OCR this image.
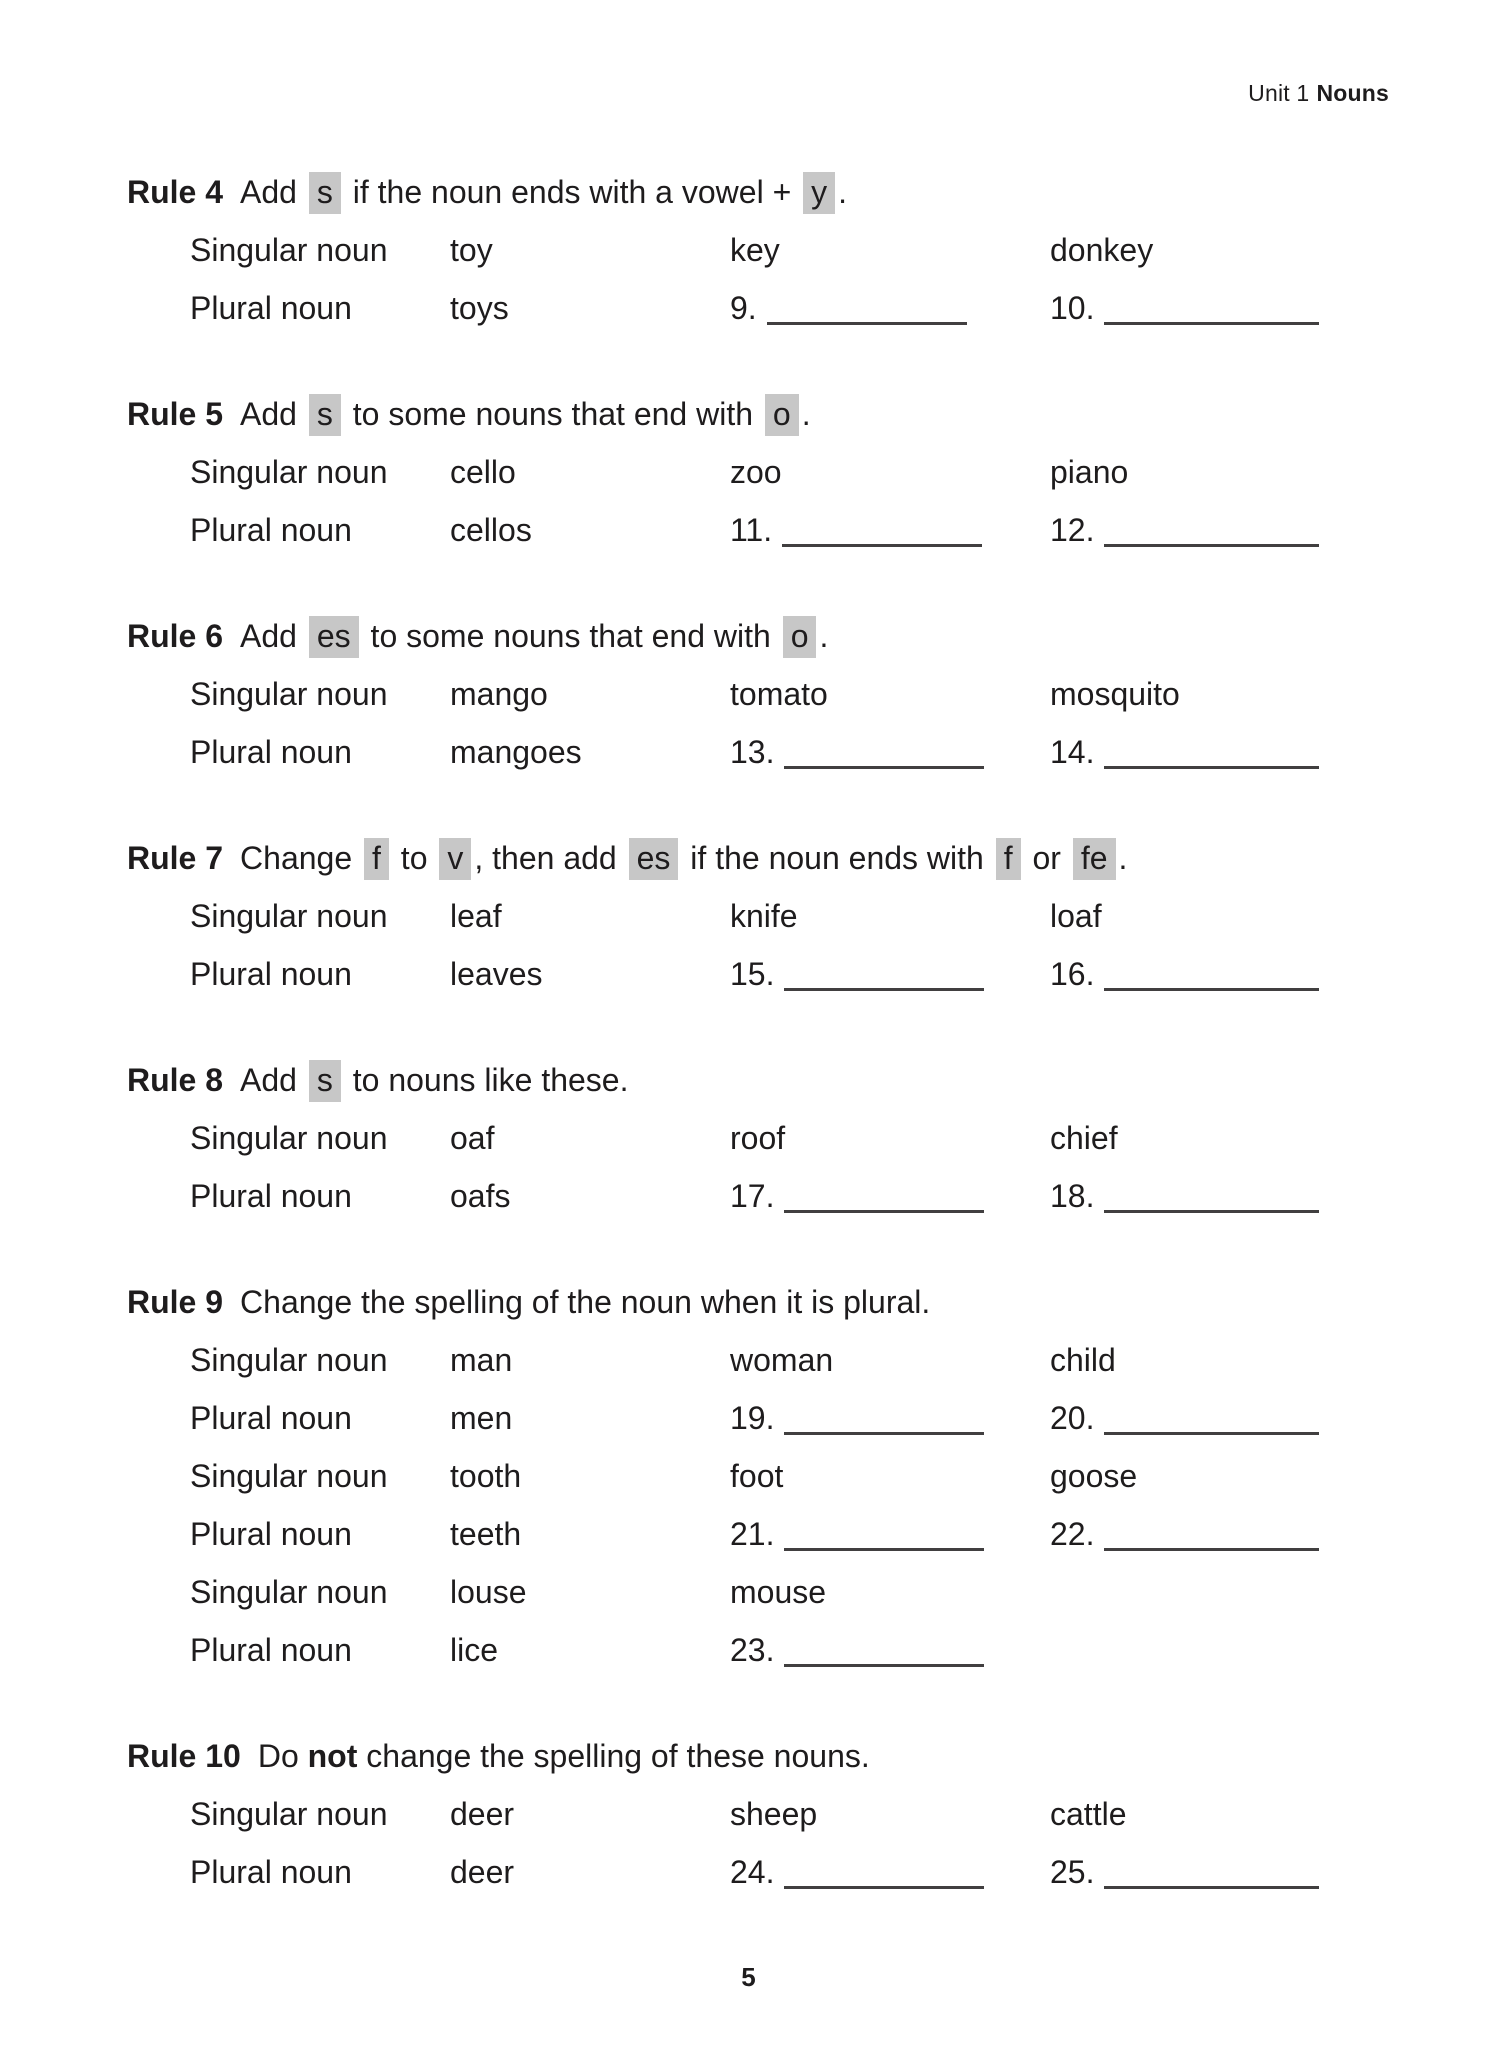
Unit 1 Nouns
Rule 4 Add s if the noun ends with a vowel + y .
Singular noun toy	key	donkey
Plural noun	toys	9.	10.
Rule 5 Add s to some nouns that end with o .
Singular noun cello	zoo	piano
Plural noun	cellos	11.	12.
Rule 6 Add es to some nouns that end with o .
Singular noun mango	tomato	mosquito
Plural noun	mangoes	13.	14.
Rule 7 Change f to v , then add es if the noun ends with f or fe .
Singular noun leaf	knife	loaf
Plural noun	leaves	15.	16.
Rule 8 Add s to nouns like these.
Singular noun oaf	roof	chief
Plural noun	oafs	17.	18.
Rule 9 Change the spelling of the noun when it is plural.
Singular noun man	woman	child
Plural noun	men	19.	20.
Singular noun tooth	foot	goose
Plural noun	teeth	21.	22.
Singular noun louse	mouse
Plural noun	lice	23.
Rule 10 Do not change the spelling of these nouns.
Singular noun deer	sheep	cattle
Plural noun	deer	24.	25.
5
